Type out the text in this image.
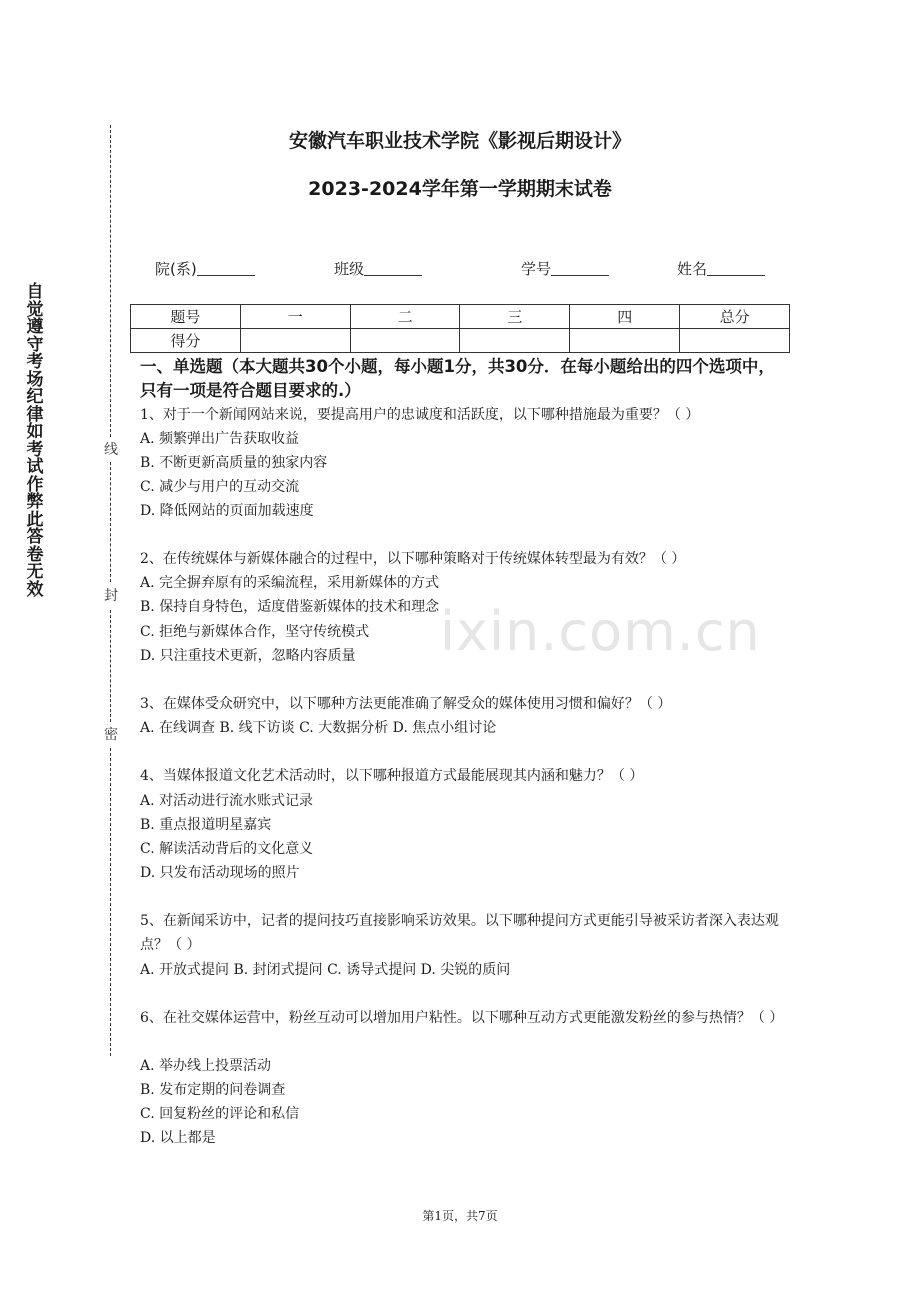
线
封
密
自觉遵守考场纪律如考试作弊此答卷无效
安徽汽车职业技术学院《影视后期设计》
2023-2024学年第一学期期末试卷
院(系)	班级	学号	姓名
题号	一	二	三	四	总分
得分					
一、单选题（本大题共30个小题，每小题1分，共30分．在每小题给出的四个选项中，只有一项是符合题目要求的.）
ixin.com.cn
1、对于一个新闻网站来说，要提高用户的忠诚度和活跃度，以下哪种措施最为重要？（ ）
A. 频繁弹出广告获取收益
B. 不断更新高质量的独家内容
C. 减少与用户的互动交流
D. 降低网站的页面加载速度
2、在传统媒体与新媒体融合的过程中，以下哪种策略对于传统媒体转型最为有效？（ ）
A. 完全摒弃原有的采编流程，采用新媒体的方式
B. 保持自身特色，适度借鉴新媒体的技术和理念
C. 拒绝与新媒体合作，坚守传统模式
D. 只注重技术更新，忽略内容质量
3、在媒体受众研究中，以下哪种方法更能准确了解受众的媒体使用习惯和偏好？（ ）
A. 在线调查 B. 线下访谈 C. 大数据分析 D. 焦点小组讨论
4、当媒体报道文化艺术活动时，以下哪种报道方式最能展现其内涵和魅力？（ ）
A. 对活动进行流水账式记录
B. 重点报道明星嘉宾
C. 解读活动背后的文化意义
D. 只发布活动现场的照片
5、在新闻采访中，记者的提问技巧直接影响采访效果。以下哪种提问方式更能引导被采访者深入表达观点？（ ）
A. 开放式提问 B. 封闭式提问 C. 诱导式提问 D. 尖锐的质问
6、在社交媒体运营中，粉丝互动可以增加用户粘性。以下哪种互动方式更能激发粉丝的参与热情？（ ）
A. 举办线上投票活动
B. 发布定期的问卷调查
C. 回复粉丝的评论和私信
D. 以上都是
第1页，共7页
